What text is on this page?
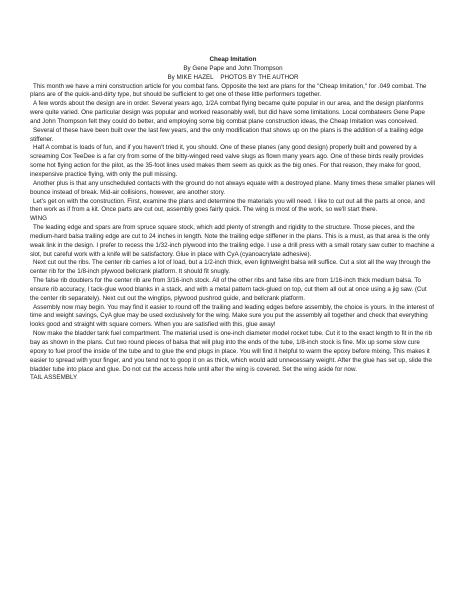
Cheap Imitation

By Gene Pape and John Thompson

By MIKE HAZEL    PHOTOS BY THE AUTHOR

This month we have a mini construction article for you combat fans. Opposite the text are plans for the "Cheap Imitation," for .049 combat. The plans are of the quick-and-dirty type, but should be sufficient to get one of these little performers together.

A few words about the design are in order. Several years ago, 1/2A combat flying became quite popular in our area, and the design planforms were quite varied. One particular design was popular and worked reasonably well, but did have some limitations. Local combateers Gene Pape and John Thompson felt they could do better, and employing some big combat plane construction ideas, the Cheap Imitation was conceived.

Several of these have been built over the last few years, and the only modification that shows up on the plans is the addition of a trailing edge stiffener.

Half A combat is loads of fun, and if you haven't tried it, you should. One of these planes (any good design) properly built and powered by a screaming Cox TeeDee is a far cry from some of the bitty-winged reed valve slugs as flown many years ago. One of these birds really provides some hot flying action for the pilot, as the 35-foot lines used makes them seem as quick as the big ones. For that reason, they make for good, inexpensive practice flying, with only the pull missing.

Another plus is that any unscheduled contacts with the ground do not always equate with a destroyed plane. Many times these smaller planes will bounce instead of break. Mid-air collisions, however, are another story.

Let's get on with the construction. First, examine the plans and determine the materials you will need. I like to cut out all the parts at once, and then work as if from a kit. Once parts are cut out, assembly goes fairly quick. The wing is most of the work, so we'll start there.

WING

The leading edge and spars are from spruce square stock, which add plenty of strength and rigidity to the structure. Those pieces, and the medium-hard balsa trailing edge are cut to 24 inches in length. Note the trailing edge stiffener in the plans. This is a must, as that area is the only weak link in the design. I prefer to recess the 1/32-inch plywood into the trailing edge. I use a drill press with a small rotary saw cutter to machine a slot, but careful work with a knife will be satisfactory. Glue in place with CyA (cyanoacrylate adhesive).

Next cut out the ribs. The center rib carries a lot of load, but a 1/2-inch thick, even lightweight balsa will suffice. Cut a slot all the way through the center rib for the 1/8-inch plywood bellcrank platform. It should fit snugly.

The false rib doublers for the center rib are from 3/16-inch stock. All of the other ribs and false ribs are from 1/16-inch thick medium balsa. To ensure rib accuracy, I tack-glue wood blanks in a stack, and with a metal pattern tack-glued on top, cut them all out at once using a jig saw. (Cut the center rib separately). Next cut out the wingtips, plywood pushrod guide, and bellcrank platform.

Assembly now may begin. You may find it easier to round off the trailing and leading edges before assembly, the choice is yours. In the interest of time and weight savings, CyA glue may be used exclusively for the wing. Make sure you put the assembly all together and check that everything looks good and straight with square corners. When you are satisfied with this, glue away!

Now make the bladder tank fuel compartment. The material used is one-inch diameter model rocket tube. Cut it to the exact length to fit in the rib bay as shown in the plans. Cut two round pieces of balsa that will plug into the ends of the tube, 1/8-inch stock is fine. Mix up some slow cure epoxy to fuel proof the inside of the tube and to glue the end plugs in place. You will find it helpful to warm the epoxy before mixing. This makes it easier to spread with your finger, and you tend not to goop it on as thick, which would add unnecessary weight. After the glue has set up, slide the bladder tube into place and glue. Do not cut the access hole until after the wing is covered. Set the wing aside for now.

TAIL ASSEMBLY
